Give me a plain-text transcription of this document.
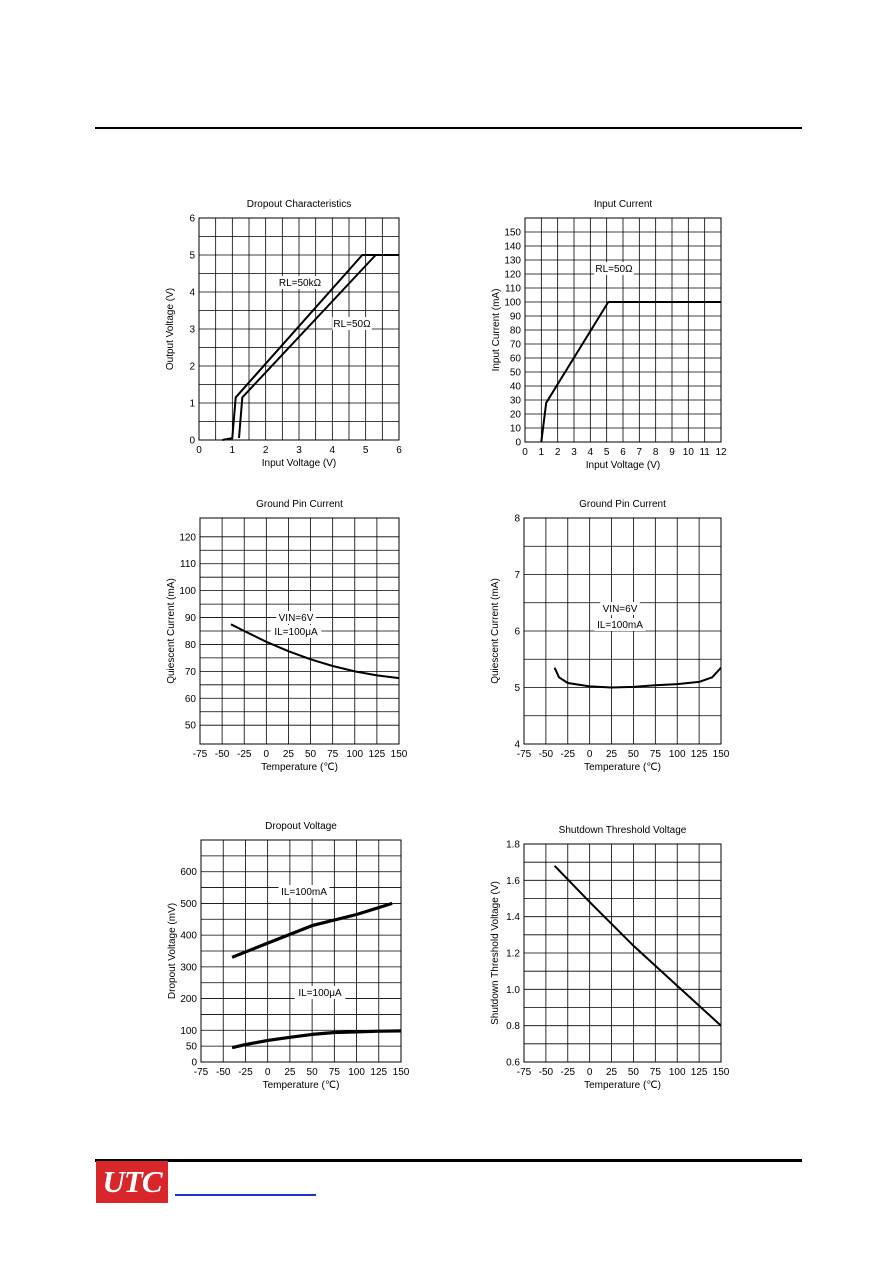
Dropout Characteristics
0
1
2
3
4
5
6
0	1	2	3	4	5	6
Input Voltage (V)
Output Voltage (V)
RL=50kΩ
RL=50Ω
Input Current
0
10
20
30
40
50
60
70
80
90
100
110
120
130
140
150
0 1 2 3 4 5 6 7 8 9 10 11 12
Input Voltage (V)
Input Current (mA)
RL=50Ω
Ground Pin Current
50
60
70
80
90
100
110
120
-75 -50 -25 0 25 50 75 100 125 150
Temperature (℃)
Quiescent Current (mA)	VIN=6V
IL=100μA
Ground Pin Current
4
5
6
7
8
-75 -50 -25 0 25 50 75 100 125 150
Temperature (℃)
Quiescent Current (mA)	VIN=6V
IL=100mA
Dropout Voltage
0
50
100
200
300
400
500
600
-75 -50 -25 0 25 50 75 100 125 150
Temperature (℃)
Dropout Voltage (mV)
IL=100mA
IL=100μA
Shutdown Threshold Voltage
0.6
0.8
1.0
1.2
1.4
1.6
1.8
-75 -50 -25 0 25 50 75 100 125 150
Temperature (℃)
Shutdown Threshold Voltage (V)
UTC
